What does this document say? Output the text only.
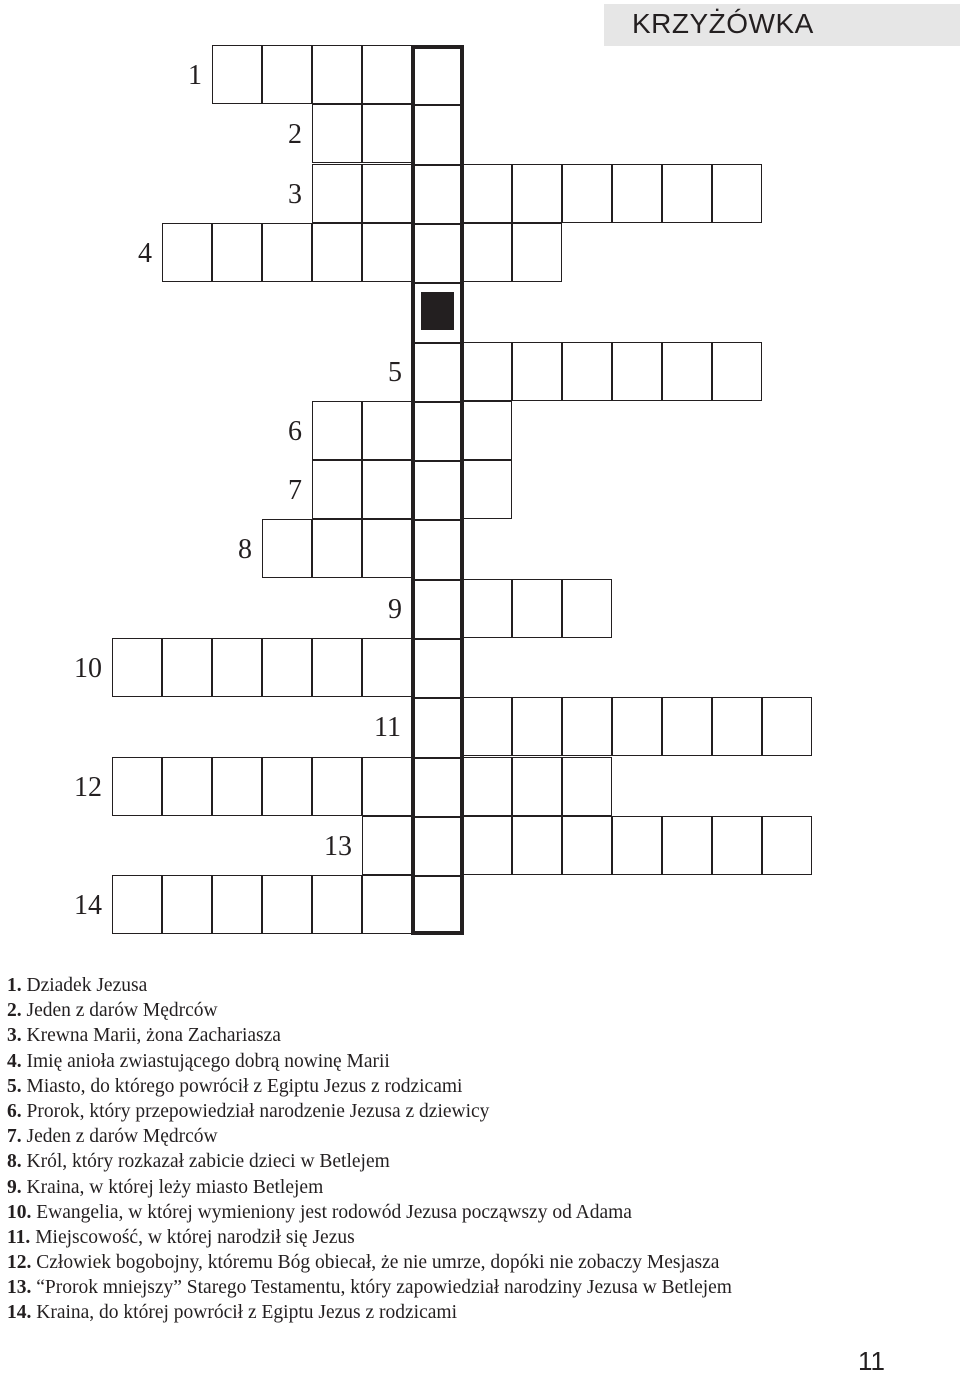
KRZYŻÓWKA
1
2
3
4
5
6
7
8
9
10
11
12
13
14
1. Dziadek Jezusa
2. Jeden z darów Mędrców
3. Krewna Marii, żona Zachariasza
4. Imię anioła zwiastującego dobrą nowinę Marii
5. Miasto, do którego powrócił z Egiptu Jezus z rodzicami
6. Prorok, który przepowiedział narodzenie Jezusa z dziewicy
7. Jeden z darów Mędrców
8. Król, który rozkazał zabicie dzieci w Betlejem
9. Kraina, w której leży miasto Betlejem
10. Ewangelia, w której wymieniony jest rodowód Jezusa począwszy od Adama
11. Miejscowość, w której narodził się Jezus
12. Człowiek bogobojny, któremu Bóg obiecał, że nie umrze, dopóki nie zobaczy Mesjasza
13. “Prorok mniejszy” Starego Testamentu, który zapowiedział narodziny Jezusa w Betlejem
14. Kraina, do której powrócił z Egiptu Jezus z rodzicami
11
